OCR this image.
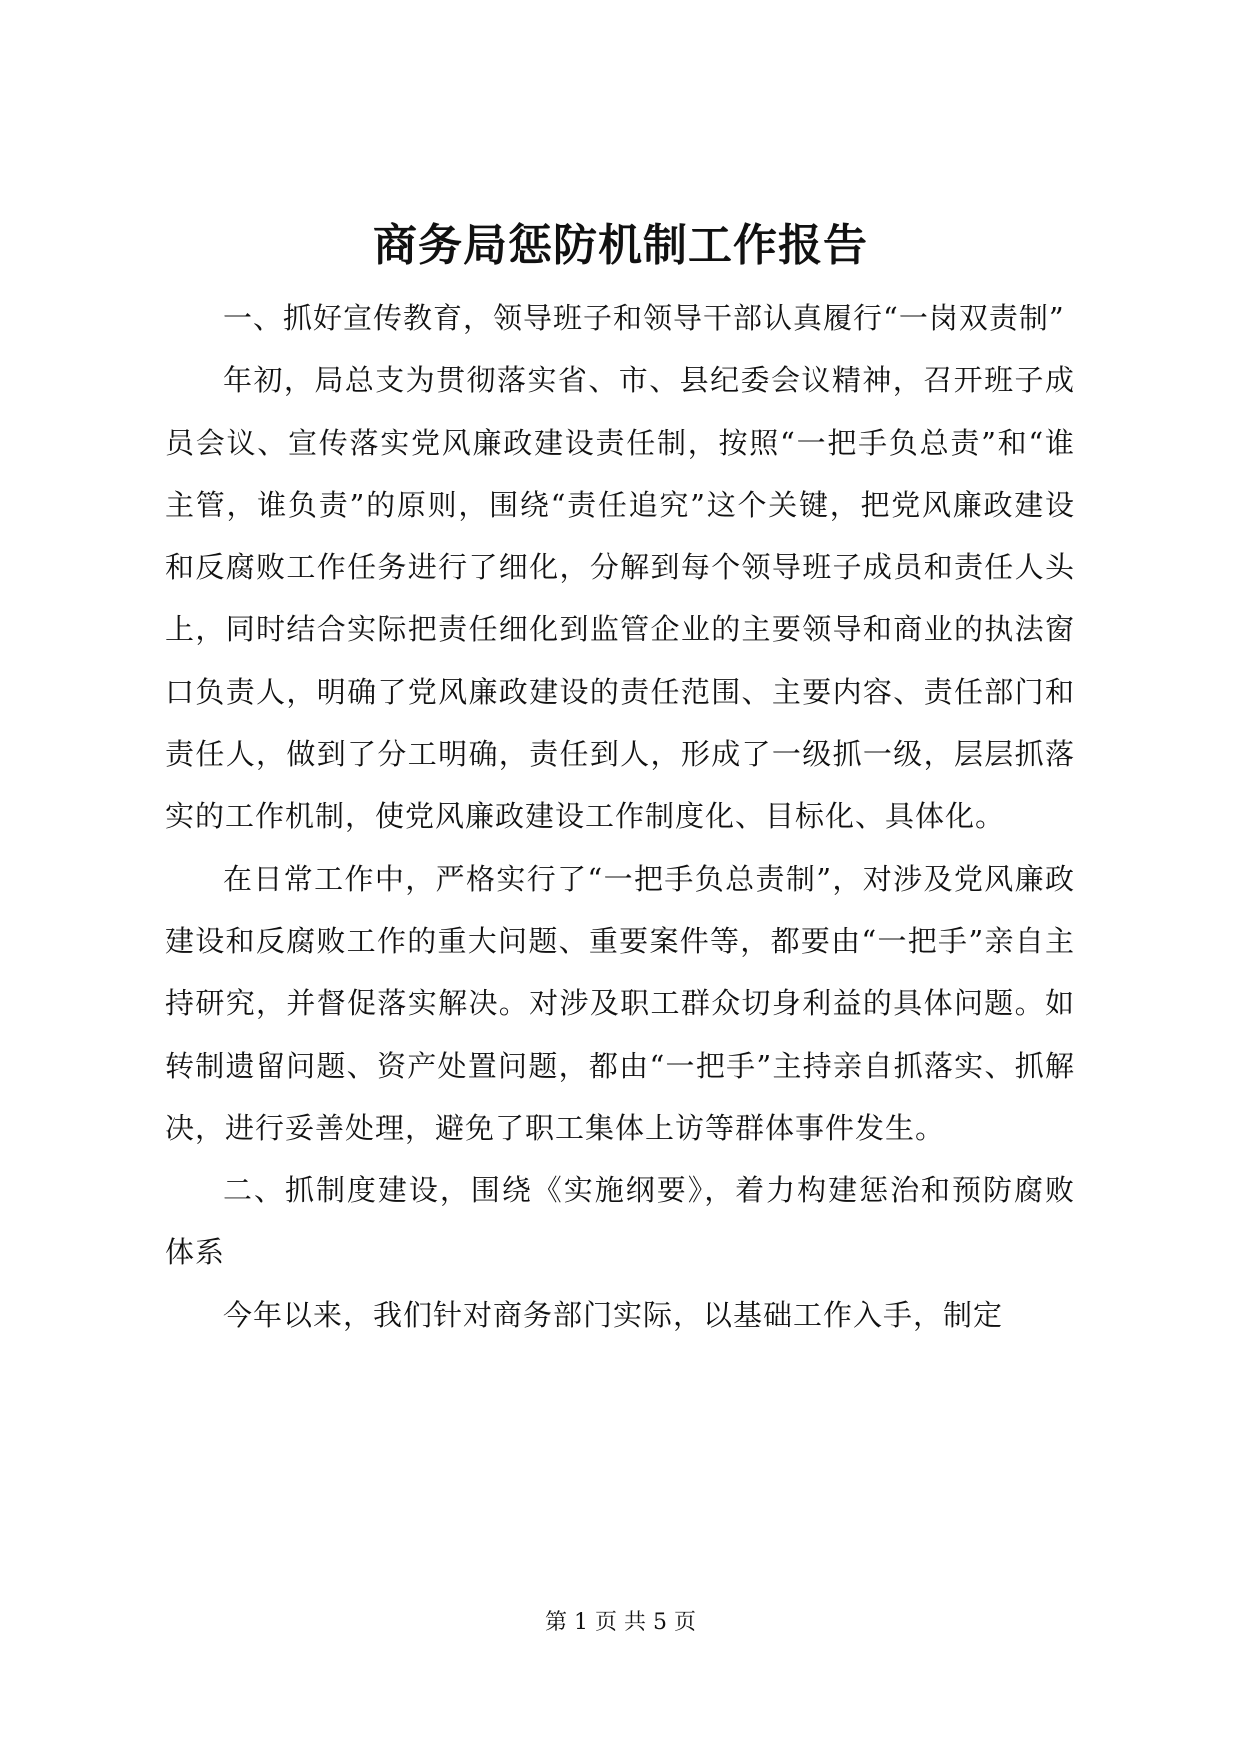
商务局惩防机制工作报告

一、抓好宣传教育，领导班子和领导干部认真履行“一岗双责制”

年初，局总支为贯彻落实省、市、县纪委会议精神，召开班子成员会议、宣传落实党风廉政建设责任制，按照“一把手负总责”和“谁主管，谁负责”的原则，围绕“责任追究”这个关键，把党风廉政建设和反腐败工作任务进行了细化，分解到每个领导班子成员和责任人头上，同时结合实际把责任细化到监管企业的主要领导和商业的执法窗口负责人，明确了党风廉政建设的责任范围、主要内容、责任部门和责任人，做到了分工明确，责任到人，形成了一级抓一级，层层抓落实的工作机制，使党风廉政建设工作制度化、目标化、具体化。

在日常工作中，严格实行了“一把手负总责制”，对涉及党风廉政建设和反腐败工作的重大问题、重要案件等，都要由“一把手”亲自主持研究，并督促落实解决。对涉及职工群众切身利益的具体问题。如转制遗留问题、资产处置问题，都由“一把手”主持亲自抓落实、抓解决，进行妥善处理，避免了职工集体上访等群体事件发生。

二、抓制度建设，围绕《实施纲要》，着力构建惩治和预防腐败体系

今年以来，我们针对商务部门实际，以基础工作入手，制定

第 1 页 共 5 页
